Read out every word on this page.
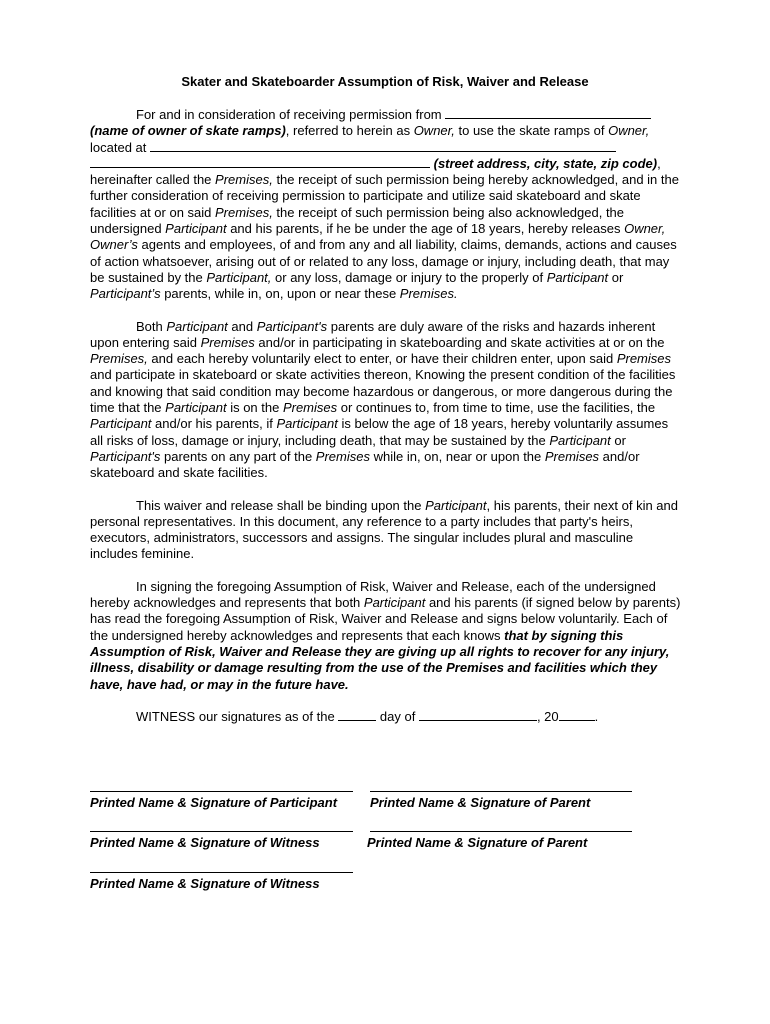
Skater and Skateboarder Assumption of Risk, Waiver and Release

For and in consideration of receiving permission from (name of owner of skate ramps), referred to herein as Owner, to use the skate ramps of Owner, located at  (street address, city, state, zip code), hereinafter called the Premises, the receipt of such permission being hereby acknowledged, and in the further consideration of receiving permission to participate and utilize said skateboard and skate facilities at or on said Premises, the receipt of such permission being also acknowledged, the undersigned Participant and his parents, if he be under the age of 18 years, hereby releases Owner, Owner’s agents and employees, of and from any and all liability, claims, demands, actions and causes of action whatsoever, arising out of or related to any loss, damage or injury, including death, that may be sustained by the Participant, or any loss, damage or injury to the properly of Participant or Participant’s parents, while in, on, upon or near these Premises.

Both Participant and Participant's parents are duly aware of the risks and hazards inherent upon entering said Premises and/or in participating in skateboarding and skate activities at or on the Premises, and each hereby voluntarily elect to enter, or have their children enter, upon said Premises and participate in skateboard or skate activities thereon, Knowing the present condition of the facilities and knowing that said condition may become hazardous or dangerous, or more dangerous during the time that the Participant is on the Premises or continues to, from time to time, use the facilities, the Participant and/or his parents, if Participant is below the age of 18 years, hereby voluntarily assumes all risks of loss, damage or injury, including death, that may be sustained by the Participant or Participant's parents on any part of the Premises while in, on, near or upon the Premises and/or skateboard and skate facilities.

This waiver and release shall be binding upon the Participant, his parents, their next of kin and personal representatives. In this document, any reference to a party includes that party's heirs, executors, administrators, successors and assigns. The singular includes plural and masculine includes feminine.

In signing the foregoing Assumption of Risk, Waiver and Release, each of the undersigned hereby acknowledges and represents that both Participant and his parents (if signed below by parents) has read the foregoing Assumption of Risk, Waiver and Release and signs below voluntarily. Each of the undersigned hereby acknowledges and represents that each knows that by signing this Assumption of Risk, Waiver and Release they are giving up all rights to recover for any injury, illness, disability or damage resulting from the use of the Premises and facilities which they have, have had, or may in the future have.

WITNESS our signatures as of the	day of	, 20	.

Printed Name & Signature of Participant	Printed Name & Signature of Parent
Printed Name & Signature of Witness	Printed Name & Signature of Parent
Printed Name & Signature of Witness
